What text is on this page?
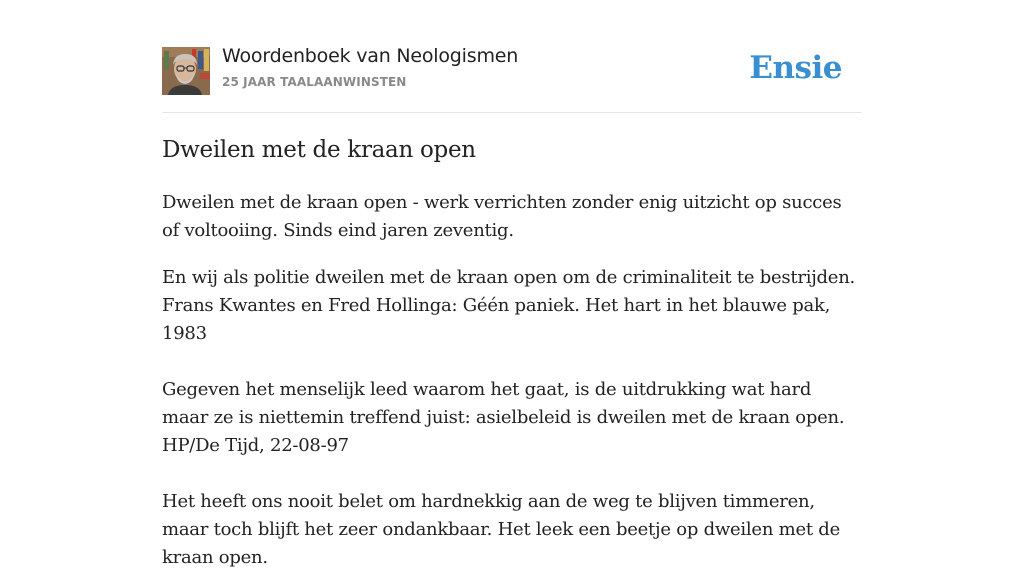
Woordenboek van Neologismen
25 JAAR TAALAANWINSTEN	Ensie
Dweilen met de kraan open

Dweilen met de kraan open - werk verrichten zonder enig uitzicht op succes of voltooiing. Sinds eind jaren zeventig.

En wij als politie dweilen met de kraan open om de criminaliteit te bestrijden.

Frans Kwantes en Fred Hollinga: Géén paniek. Het hart in het blauwe pak, 1983

Gegeven het menselijk leed waarom het gaat, is de uitdrukking wat hard maar ze is niettemin treffend juist: asielbeleid is dweilen met de kraan open. HP/De Tijd, 22-08-97

Het heeft ons nooit belet om hardnekkig aan de weg te blijven timmeren, maar toch blijft het zeer ondankbaar. Het leek een beetje op dweilen met de kraan open.
